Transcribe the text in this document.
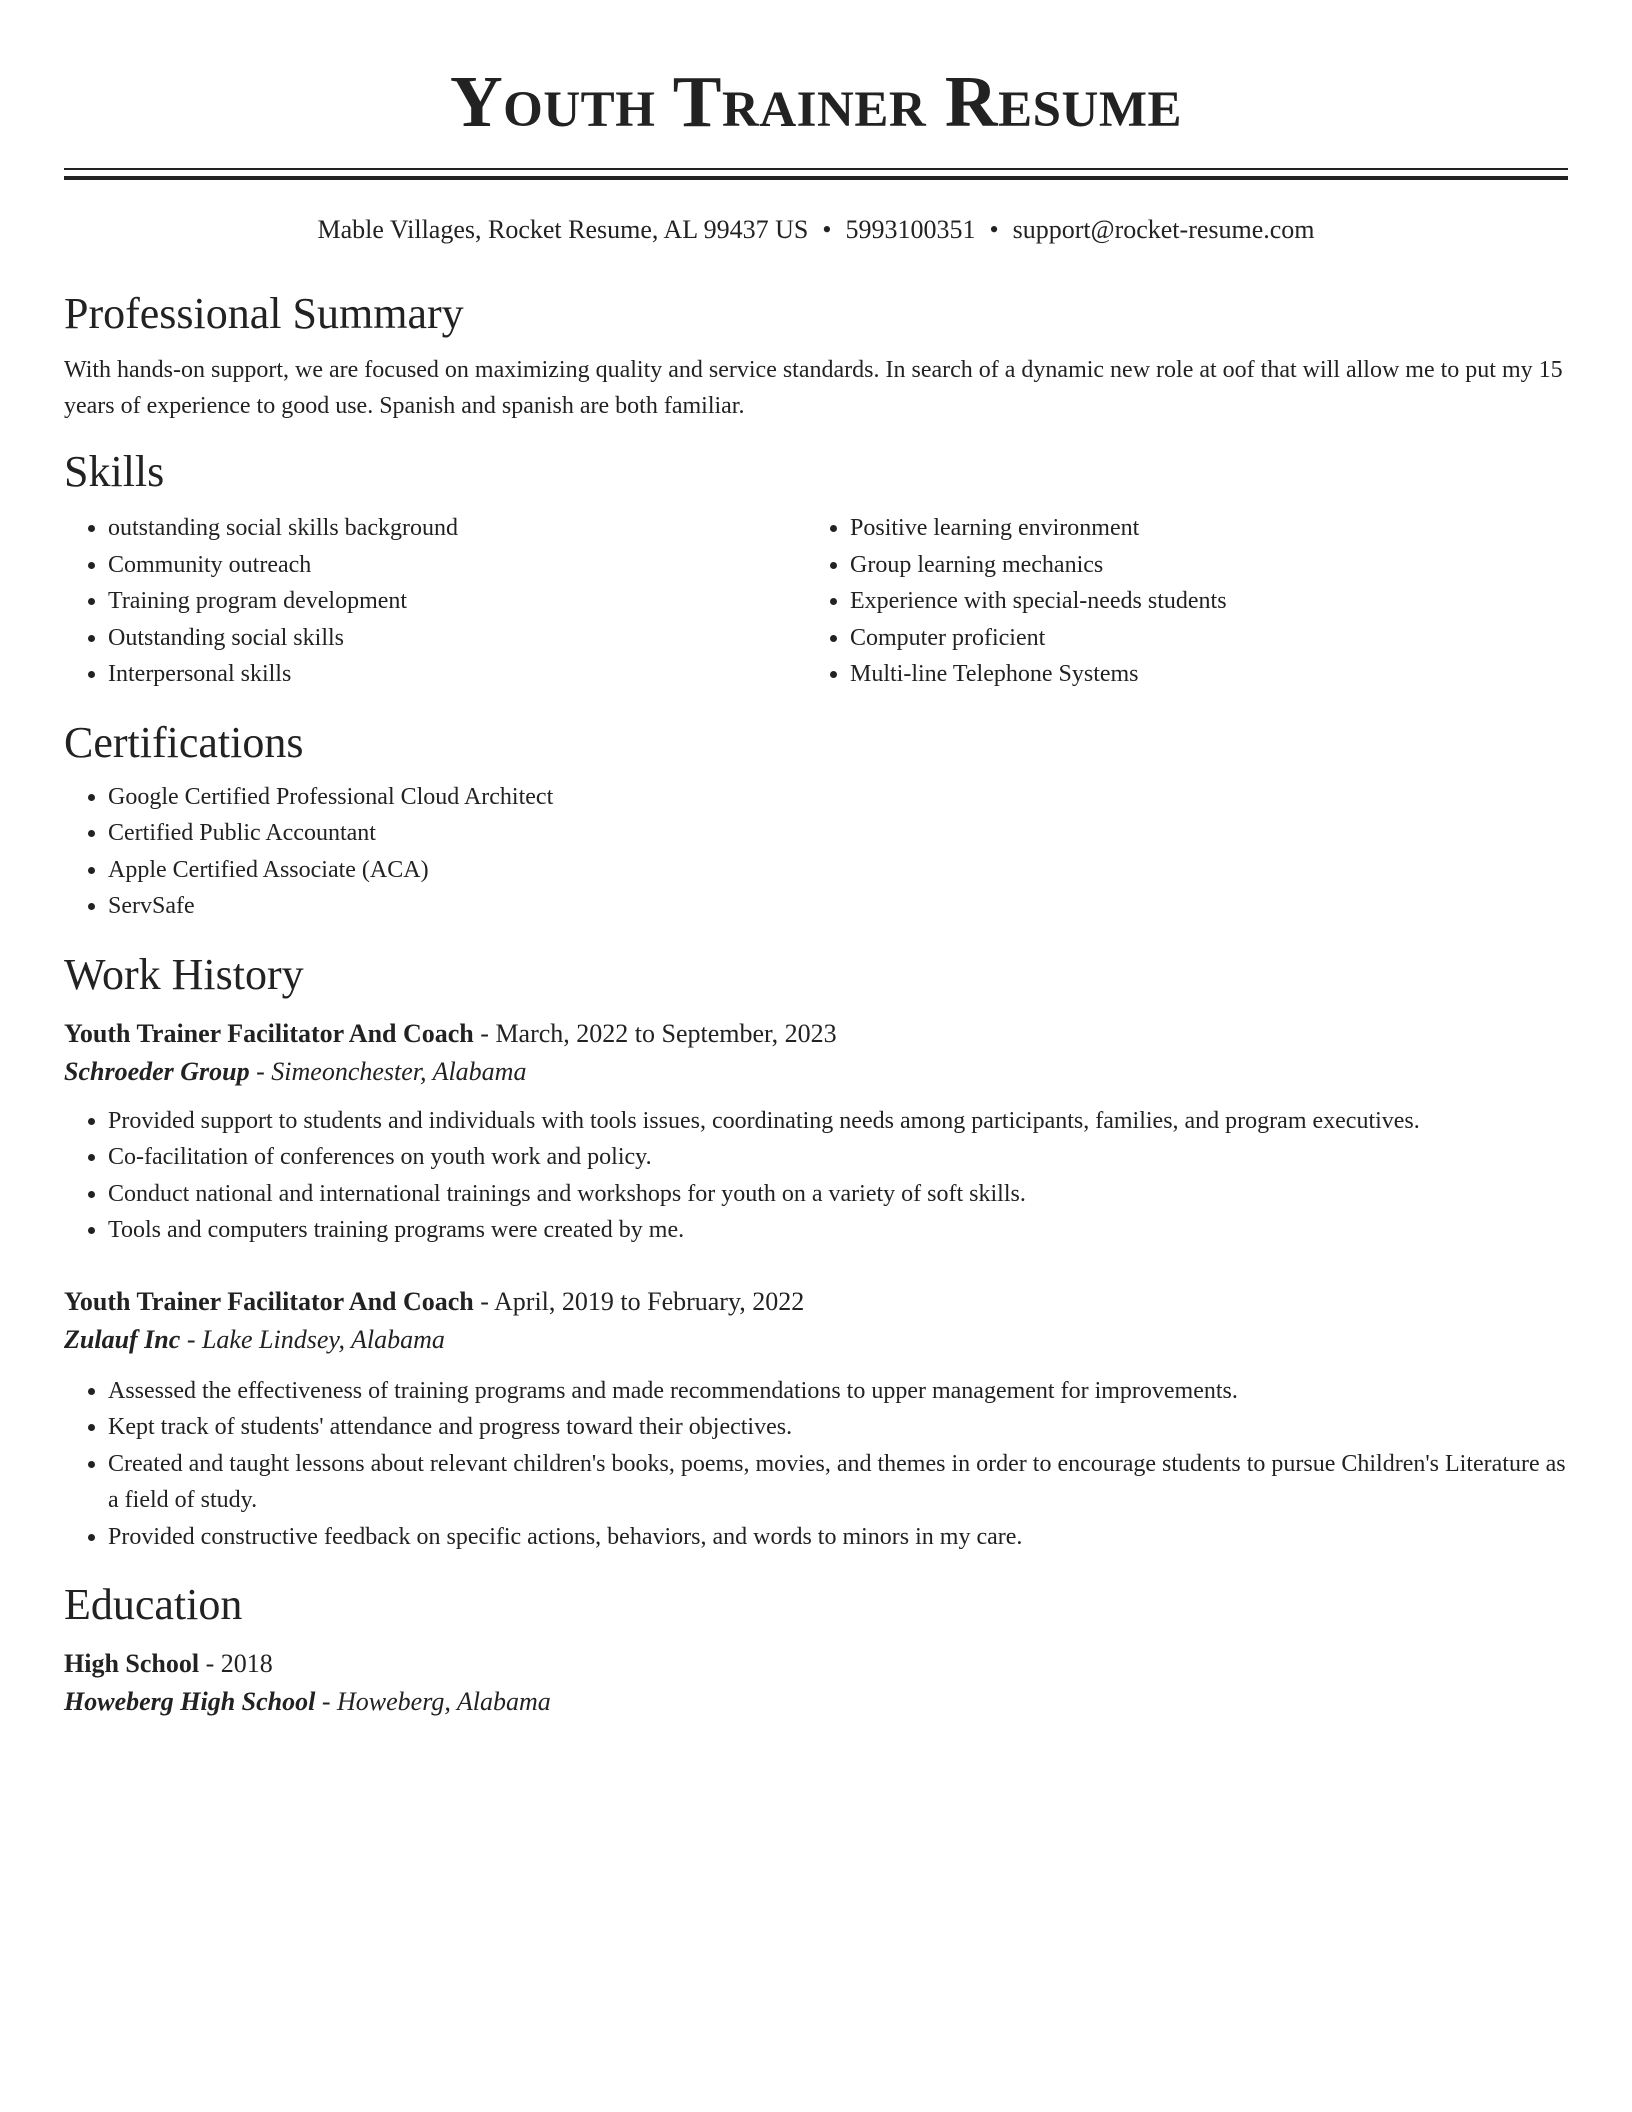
Youth Trainer Resume
Mable Villages, Rocket Resume, AL 99437 US • 5993100351 • support@rocket-resume.com
Professional Summary

With hands-on support, we are focused on maximizing quality and service standards. In search of a dynamic new role at oof that will allow me to put my 15 years of experience to good use. Spanish and spanish are both familiar.

Skills
• outstanding social skills background
• Community outreach
• Training program development
• Outstanding social skills
• Interpersonal skills
• Positive learning environment
• Group learning mechanics
• Experience with special-needs students
• Computer proficient
• Multi-line Telephone Systems
Certifications
• Google Certified Professional Cloud Architect
• Certified Public Accountant
• Apple Certified Associate (ACA)
• ServSafe
Work History
Youth Trainer Facilitator And Coach - March, 2022 to September, 2023
Schroeder Group - Simeonchester, Alabama
• Provided support to students and individuals with tools issues, coordinating needs among participants, families, and program executives.
• Co-facilitation of conferences on youth work and policy.
• Conduct national and international trainings and workshops for youth on a variety of soft skills.
• Tools and computers training programs were created by me.
Youth Trainer Facilitator And Coach - April, 2019 to February, 2022
Zulauf Inc - Lake Lindsey, Alabama
• Assessed the effectiveness of training programs and made recommendations to upper management for improvements.
• Kept track of students' attendance and progress toward their objectives.
• Created and taught lessons about relevant children's books, poems, movies, and themes in order to encourage students to pursue Children's Literature as a field of study.
• Provided constructive feedback on specific actions, behaviors, and words to minors in my care.
Education
High School - 2018
Howeberg High School - Howeberg, Alabama
